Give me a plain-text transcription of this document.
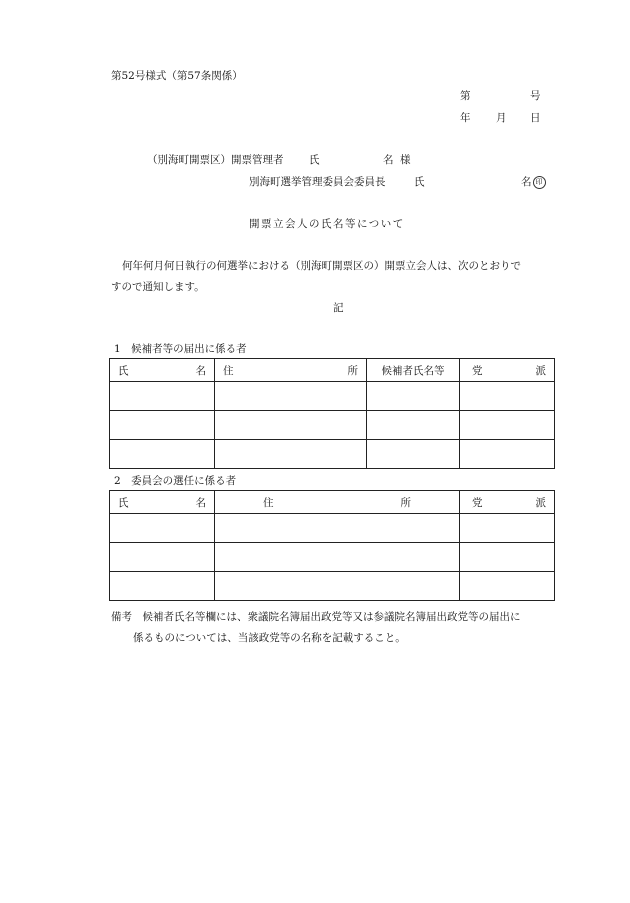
第52号様式（第57条関係）
第	号
年 月 日
（別海町開票区）開票管理者 氏	名 様
別海町選挙管理委員会委員長	氏	名 印
開票立会人の氏名等について
何年何月何日執行の何選挙における（別海町開票区の）開票立会人は、次のとおりで
すので通知します。
記
1　候補者等の届出に係る者
氏 名	住 所	候補者氏名等	党 派

2　委員会の選任に係る者
氏 名	住 所	党 派

備考　候補者氏名等欄には、衆議院名簿届出政党等又は参議院名簿届出政党等の届出に
係るものについては、当該政党等の名称を記載すること。
